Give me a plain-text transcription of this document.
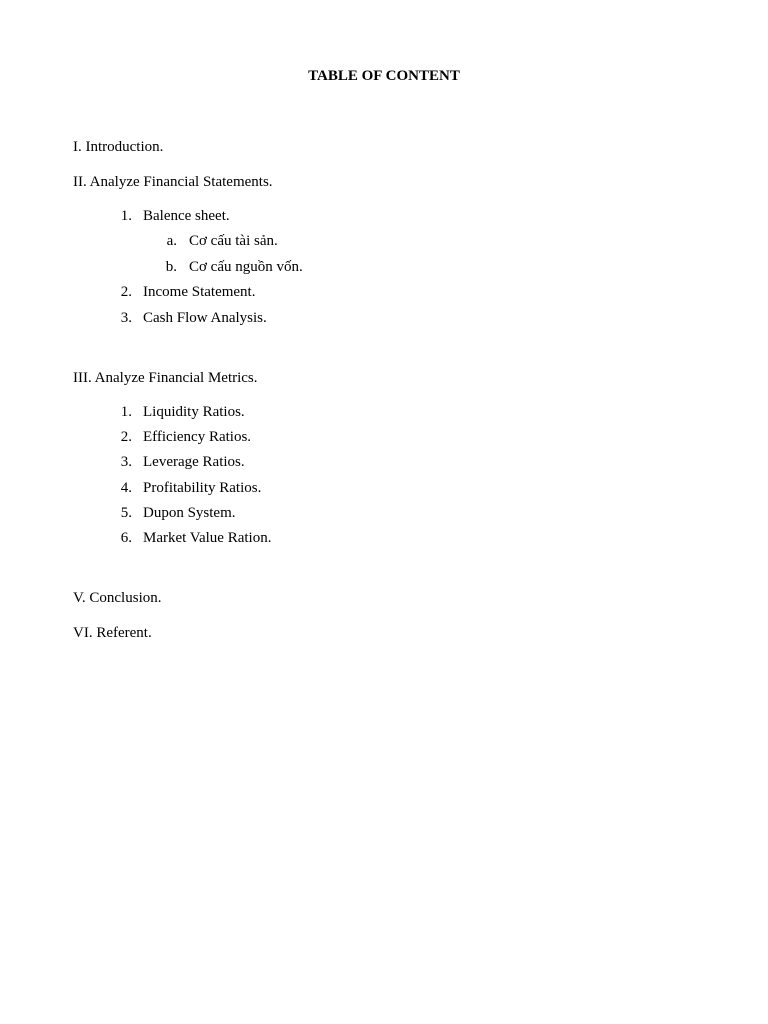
TABLE OF CONTENT
I. Introduction.
II. Analyze Financial Statements.
1. Balence sheet.
a. Cơ cấu tài sản.
b. Cơ cấu nguồn vốn.
2. Income Statement.
3. Cash Flow Analysis.
III. Analyze Financial Metrics.
1. Liquidity Ratios.
2. Efficiency Ratios.
3. Leverage Ratios.
4. Profitability Ratios.
5. Dupon System.
6. Market Value Ration.
V. Conclusion.
VI. Referent.
